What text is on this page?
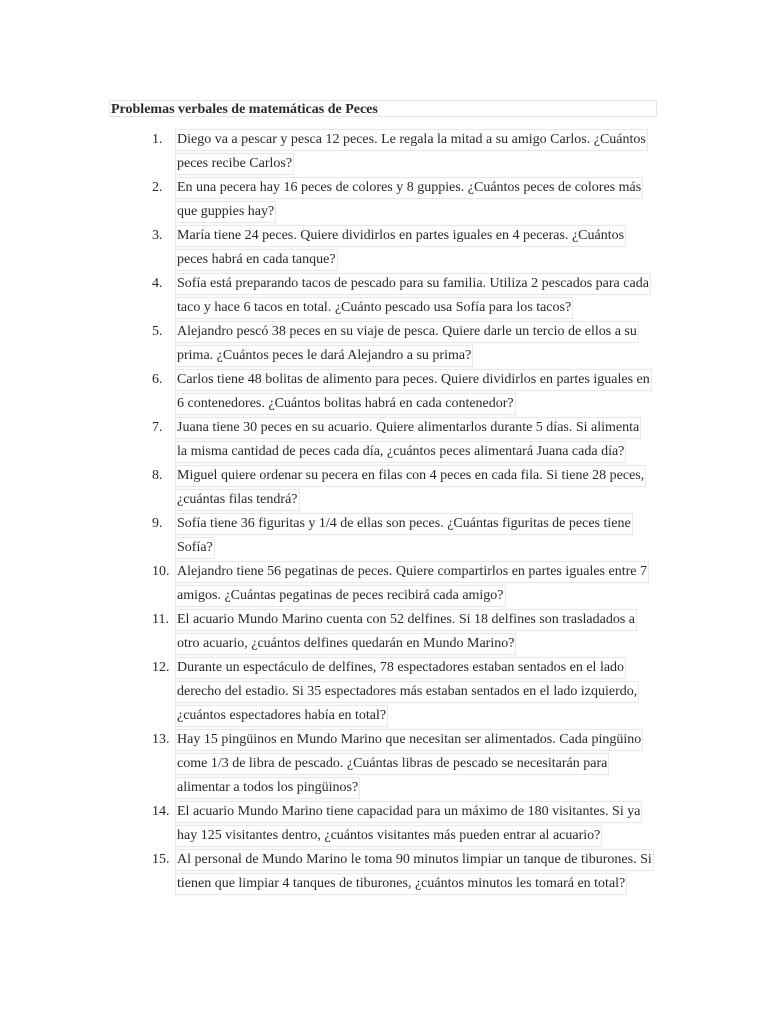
Problemas verbales de matemáticas de Peces
1.	Diego va a pescar y pesca 12 peces. Le regala la mitad a su amigo Carlos. ¿Cuántos
peces recibe Carlos?

2.	En una pecera hay 16 peces de colores y 8 guppies. ¿Cuántos peces de colores más
que guppies hay?

3.	María tiene 24 peces. Quiere dividirlos en partes iguales en 4 peceras. ¿Cuántos
peces habrá en cada tanque?

4.	Sofía está preparando tacos de pescado para su familia. Utiliza 2 pescados para cada
taco y hace 6 tacos en total. ¿Cuánto pescado usa Sofía para los tacos?

5.	Alejandro pescó 38 peces en su viaje de pesca. Quiere darle un tercio de ellos a su
prima. ¿Cuántos peces le dará Alejandro a su prima?

6.	Carlos tiene 48 bolitas de alimento para peces. Quiere dividirlos en partes iguales en
6 contenedores. ¿Cuántos bolitas habrá en cada contenedor?

7.	Juana tiene 30 peces en su acuario. Quiere alimentarlos durante 5 días. Si alimenta
la misma cantidad de peces cada día, ¿cuántos peces alimentará Juana cada día?

8.	Miguel quiere ordenar su pecera en filas con 4 peces en cada fila. Si tiene 28 peces,
¿cuántas filas tendrá?

9.	Sofía tiene 36 figuritas y 1/4 de ellas son peces. ¿Cuántas figuritas de peces tiene
Sofía?

10. Alejandro tiene 56 pegatinas de peces. Quiere compartirlos en partes iguales entre 7
amigos. ¿Cuántas pegatinas de peces recibirá cada amigo?

11. El acuario Mundo Marino cuenta con 52 delfines. Si 18 delfines son trasladados a
otro acuario, ¿cuántos delfines quedarán en Mundo Marino?

12. Durante un espectáculo de delfines, 78 espectadores estaban sentados en el lado
derecho del estadio. Si 35 espectadores más estaban sentados en el lado izquierdo,
¿cuántos espectadores había en total?

13. Hay 15 pingüinos en Mundo Marino que necesitan ser alimentados. Cada pingüino
come 1/3 de libra de pescado. ¿Cuántas libras de pescado se necesitarán para
alimentar a todos los pingüinos?

14. El acuario Mundo Marino tiene capacidad para un máximo de 180 visitantes. Si ya
hay 125 visitantes dentro, ¿cuántos visitantes más pueden entrar al acuario?

15. Al personal de Mundo Marino le toma 90 minutos limpiar un tanque de tiburones. Si
tienen que limpiar 4 tanques de tiburones, ¿cuántos minutos les tomará en total?
